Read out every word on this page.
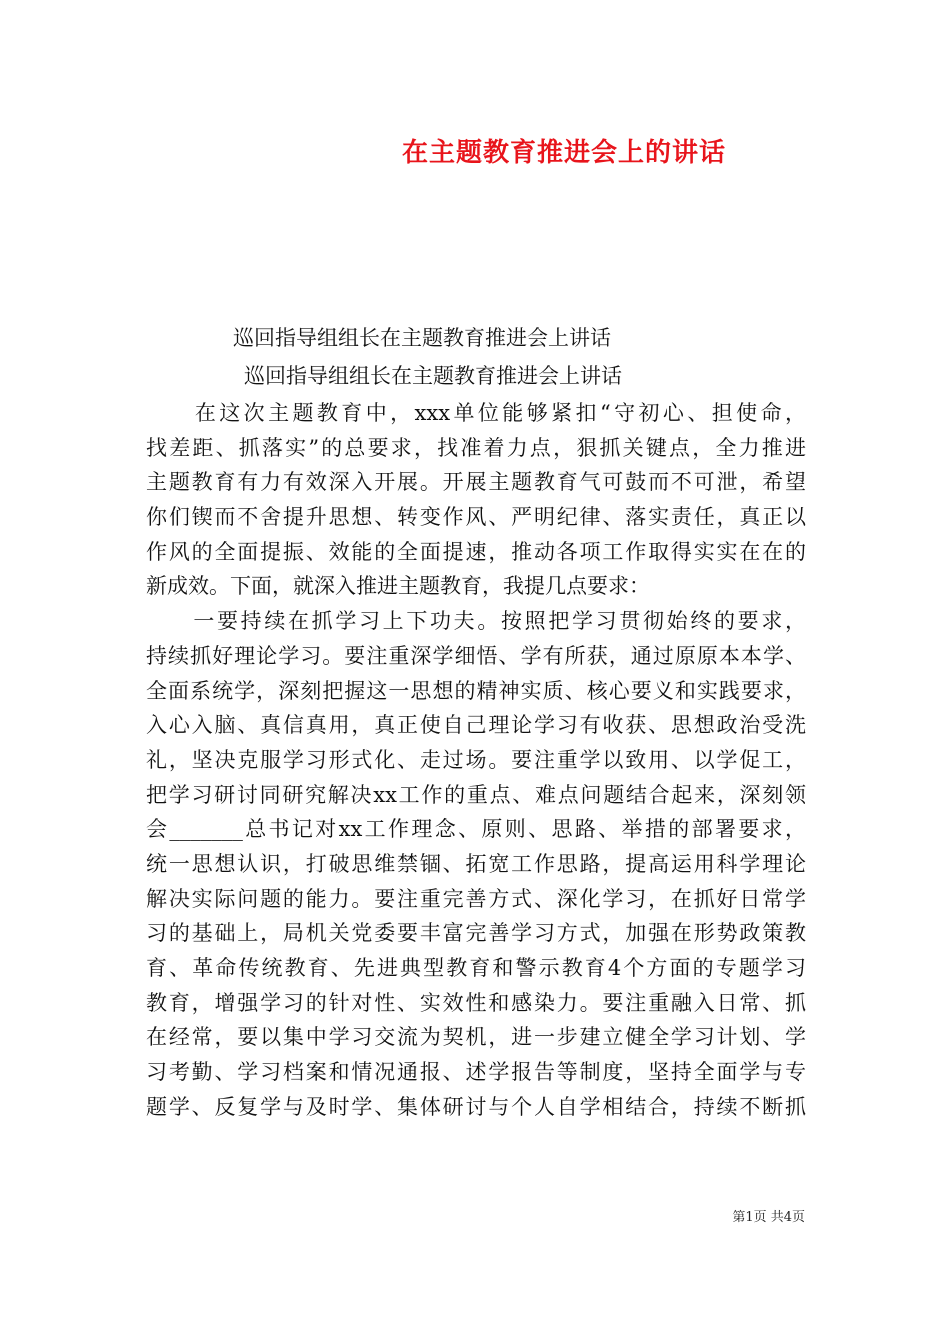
在主题教育推进会上的讲话
巡回指导组组长在主题教育推进会上讲话
巡回指导组组长在主题教育推进会上讲话
　　在这次主题教育中，xxx单位能够紧扣“守初心、担使命，
找差距、抓落实”的总要求，找准着力点，狠抓关键点，全力推进
主题教育有力有效深入开展。开展主题教育气可鼓而不可泄，希望
你们锲而不舍提升思想、转变作风、严明纪律、落实责任，真正以
作风的全面提振、效能的全面提速，推动各项工作取得实实在在的
新成效。下面，就深入推进主题教育，我提几点要求：
　　一要持续在抓学习上下功夫。按照把学习贯彻始终的要求，
持续抓好理论学习。要注重深学细悟、学有所获，通过原原本本学、
全面系统学，深刻把握这一思想的精神实质、核心要义和实践要求，
入心入脑、真信真用，真正使自己理论学习有收获、思想政治受洗
礼，坚决克服学习形式化、走过场。要注重学以致用、以学促工，
把学习研讨同研究解决xx工作的重点、难点问题结合起来，深刻领
会_______总书记对xx工作理念、原则、思路、举措的部署要求，
统一思想认识，打破思维禁锢、拓宽工作思路，提高运用科学理论
解决实际问题的能力。要注重完善方式、深化学习，在抓好日常学
习的基础上，局机关党委要丰富完善学习方式，加强在形势政策教
育、革命传统教育、先进典型教育和警示教育4个方面的专题学习
教育，增强学习的针对性、实效性和感染力。要注重融入日常、抓
在经常，要以集中学习交流为契机，进一步建立健全学习计划、学
习考勤、学习档案和情况通报、述学报告等制度，坚持全面学与专
题学、反复学与及时学、集体研讨与个人自学相结合，持续不断抓
第1页 共4页
